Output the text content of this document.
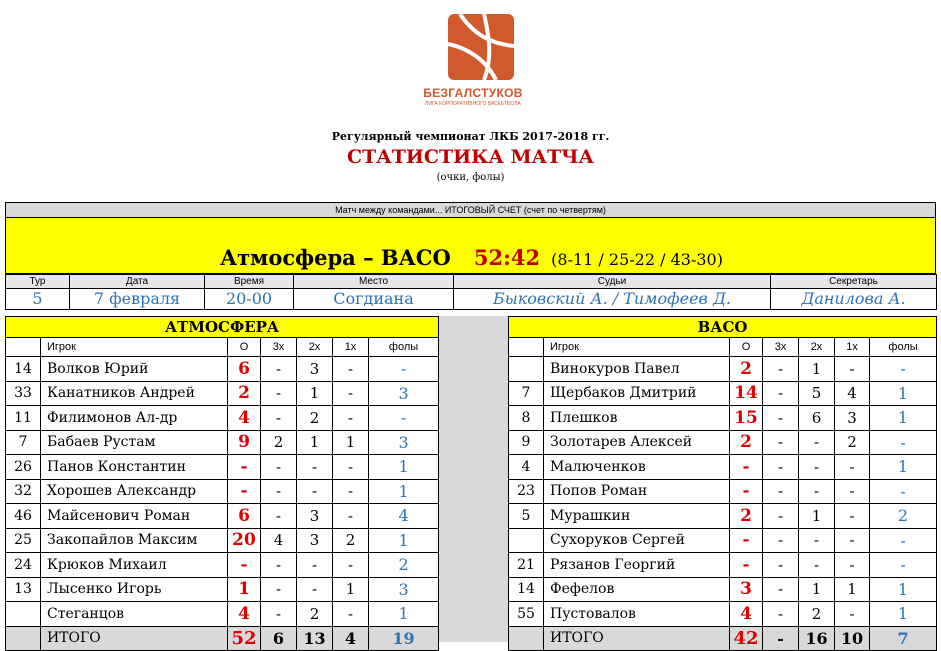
БЕЗГАЛСТУКОВ
ЛИГА КОРПОРАТИВНОГО БАСКЕТБОЛА
Регулярный чемпионат ЛКБ 2017-2018 гг.
СТАТИСТИКА МАТЧА
(очки, фолы)
Матч между командами... ИТОГОВЫЙ СЧЕТ (счет по четвертям)
Атмосфера – ВАСО 52:42 (8-11 / 25-22 / 43-30)
Тур	Дата	Время	Место	Судьи	Секретарь
5	7 февраля	20-00	Согдиана	Быковский А. / Тимофеев Д.	Данилова А.
АТМОСФЕРА						
	Игрок	О	3х	2х	1х	фолы
14	Волков Юрий	6	-	3	-	-
33	Канатников Андрей	2	-	1	-	3
11	Филимонов Ал-др	4	-	2	-	-
7	Бабаев Рустам	9	2	1	1	3
26	Панов Константин	-	-	-	-	1
32	Хорошев Александр	-	-	-	-	1
46	Майсенович Роман	6	-	3	-	4
25	Закопайлов Максим	20	4	3	2	1
24	Крюков Михаил	-	-	-	-	2
13	Лысенко Игорь	1	-	-	1	3
	Стеганцов	4	-	2	-	1
	ИТОГО	52	6	13	4	19
ВАСО						
	Игрок	О	3х	2х	1х	фолы
	Винокуров Павел	2	-	1	-	-
7	Щербаков Дмитрий	14	-	5	4	1
8	Плешков	15	-	6	3	1
9	Золотарев Алексей	2	-	-	2	-
4	Малюченков	-	-	-	-	1
23	Попов Роман	-	-	-	-	-
5	Мурашкин	2	-	1	-	2
	Сухоруков Сергей	-	-	-	-	-
21	Рязанов Георгий	-	-	-	-	-
14	Фефелов	3	-	1	1	1
55	Пустовалов	4	-	2	-	1
	ИТОГО	42	-	16	10	7
